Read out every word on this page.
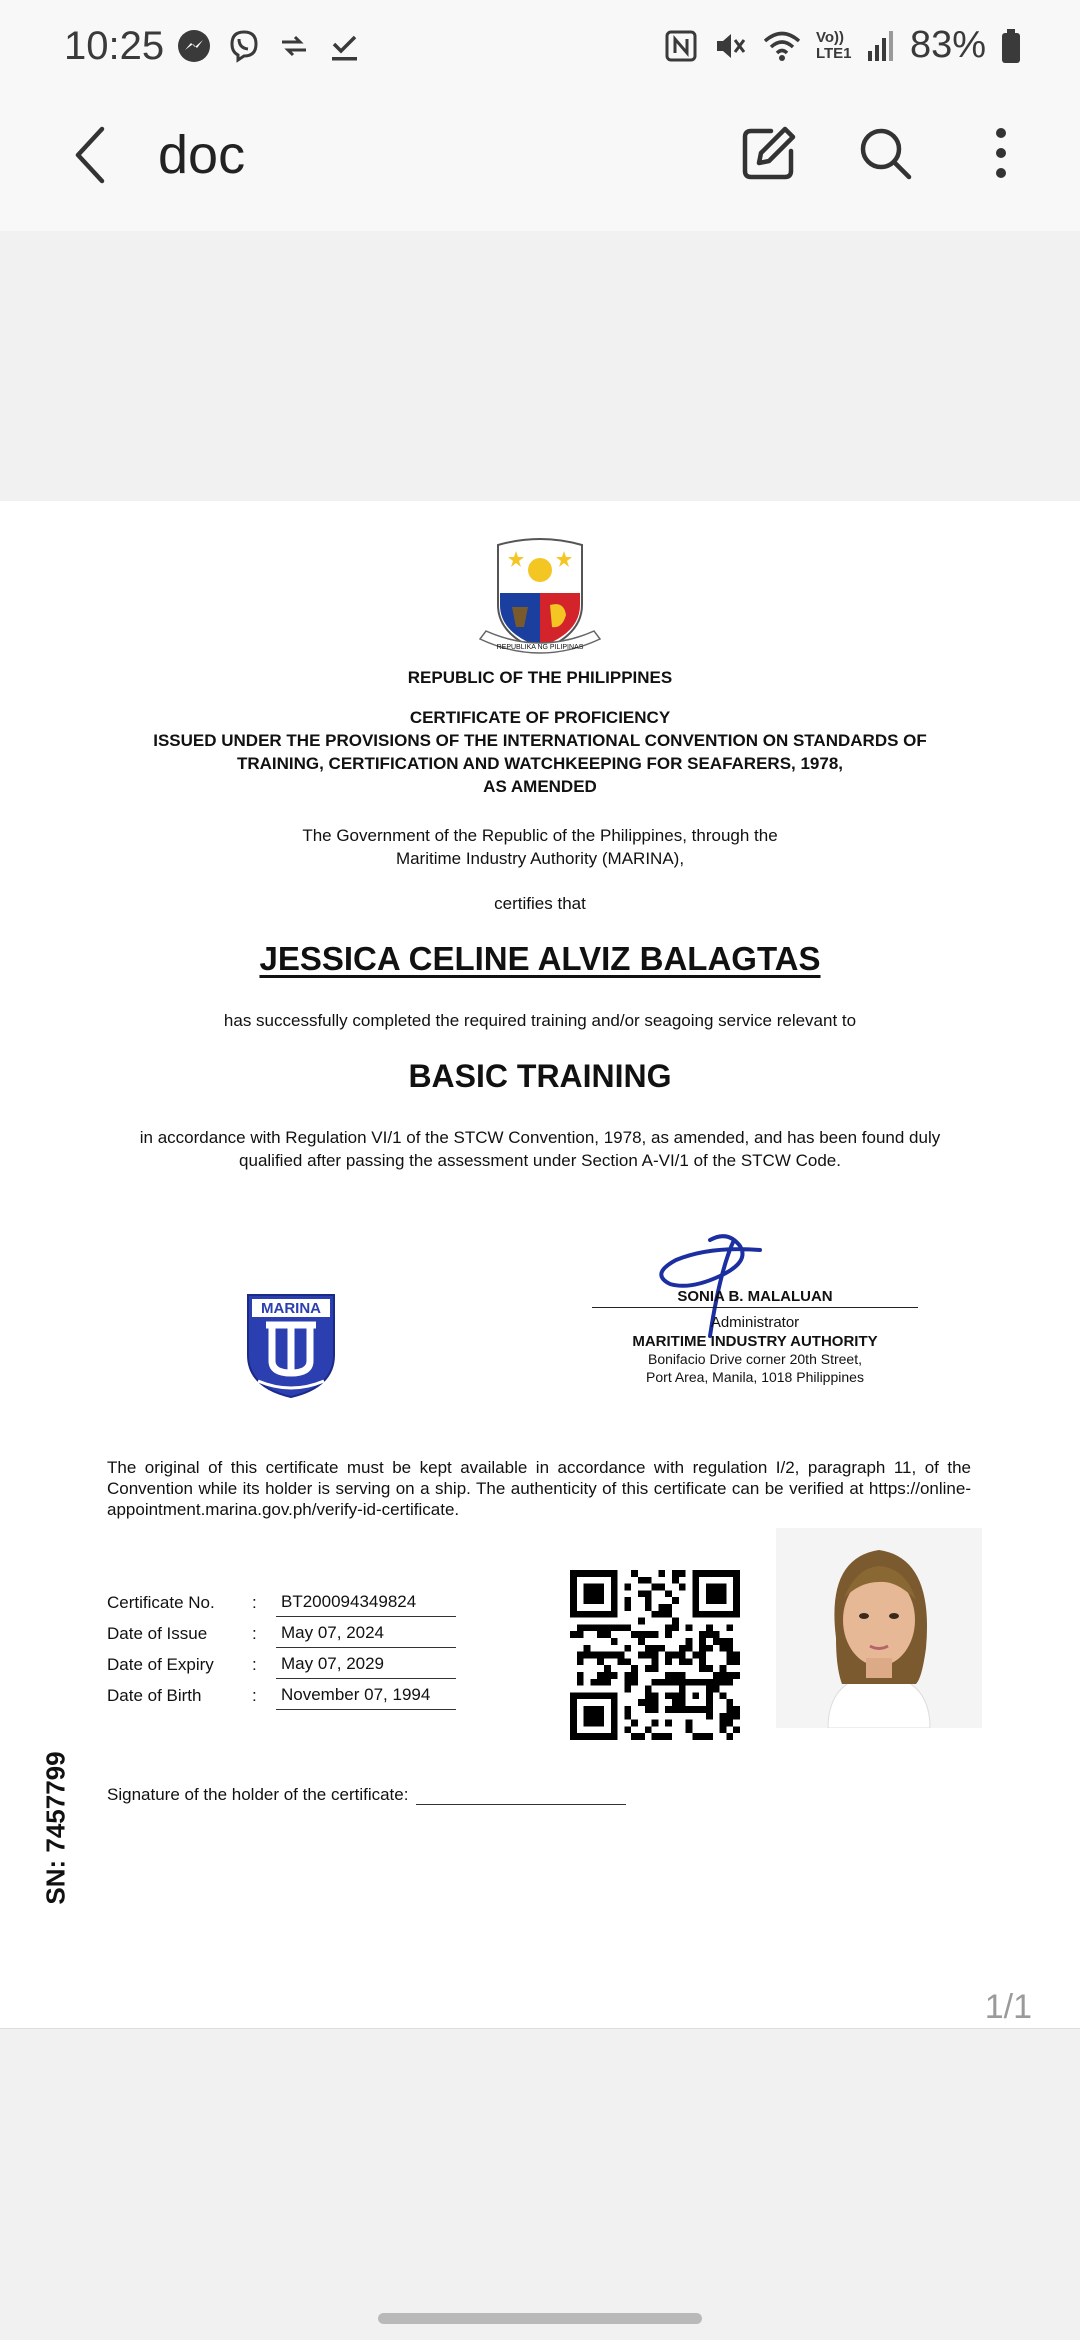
10:25	Vo)) LTE1 83%
doc
REPUBLIKA NG PILIPINAS
REPUBLIC OF THE PHILIPPINES
CERTIFICATE OF PROFICIENCY
ISSUED UNDER THE PROVISIONS OF THE INTERNATIONAL CONVENTION ON STANDARDS OF
TRAINING, CERTIFICATION AND WATCHKEEPING FOR SEAFARERS, 1978,
AS AMENDED
The Government of the Republic of the Philippines, through the
Maritime Industry Authority (MARINA),
certifies that
JESSICA CELINE ALVIZ BALAGTAS
has successfully completed the required training and/or seagoing service relevant to
BASIC TRAINING
in accordance with Regulation VI/1 of the STCW Convention, 1978, as amended, and has been found duly qualified after passing the assessment under Section A-VI/1 of the STCW Code.
MARINA
SONIA B. MALALUAN
Administrator
MARITIME INDUSTRY AUTHORITY
Bonifacio Drive corner 20th Street,
Port Area, Manila, 1018 Philippines
The original of this certificate must be kept available in accordance with regulation I/2, paragraph 11, of the Convention while its holder is serving on a ship. The authenticity of this certificate can be verified at https://online-appointment.marina.gov.ph/verify-id-certificate.
Certificate No.	:	BT200094349824
Date of Issue	:	May 07, 2024
Date of Expiry	:	May 07, 2029
Date of Birth	:	November 07, 1994
Signature of the holder of the certificate:
SN: 7457799
1/1
